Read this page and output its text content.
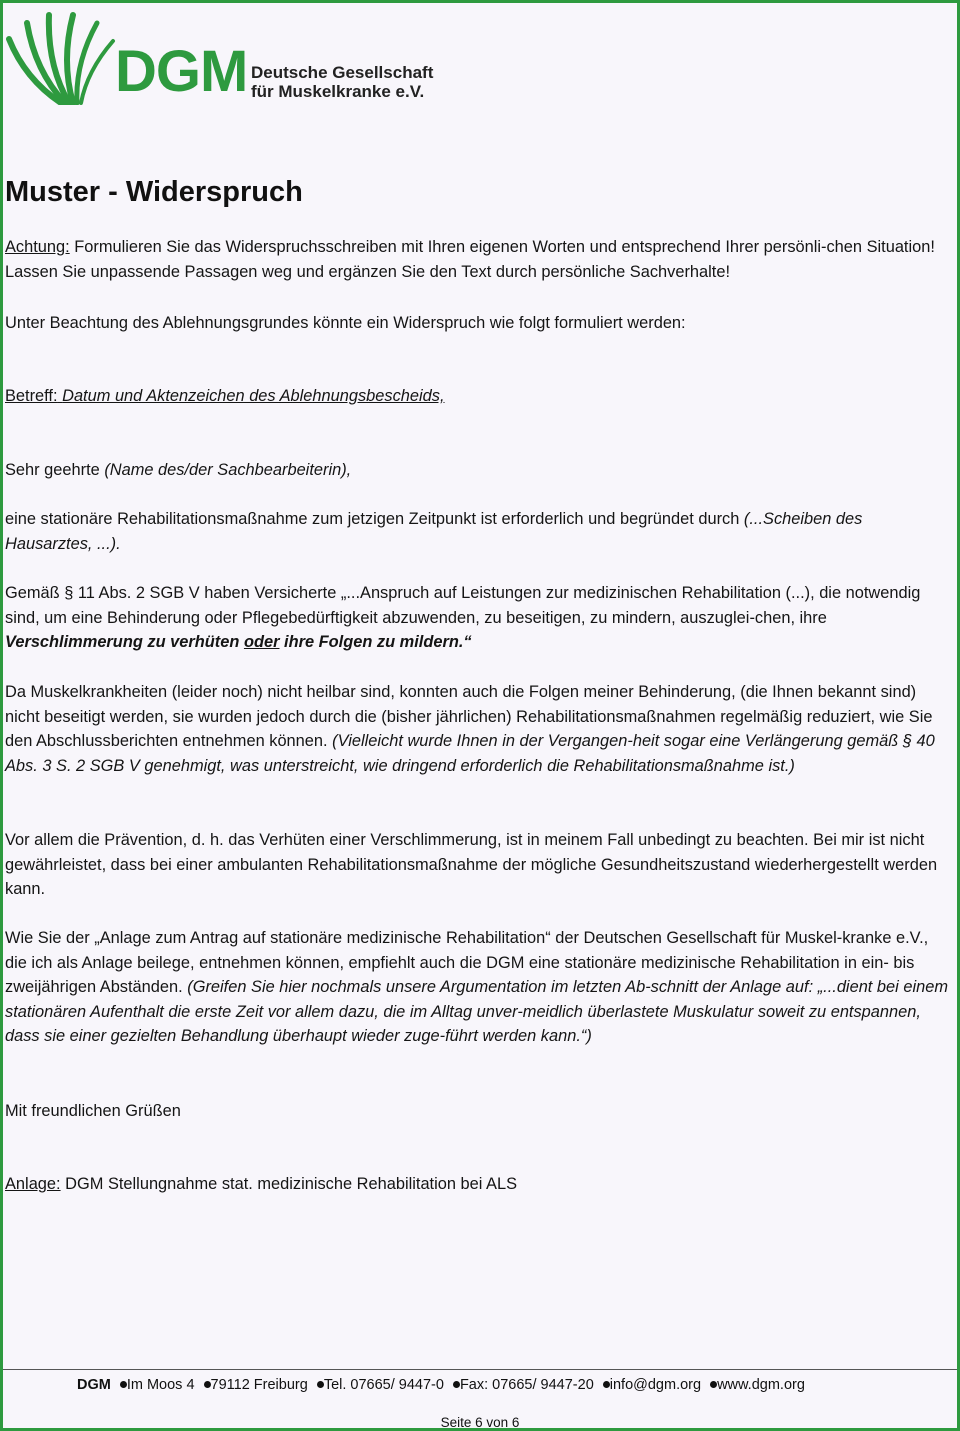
DGM Deutsche Gesellschaft
für Muskelkranke e.V.
Muster - Widerspruch
Achtung: Formulieren Sie das Widerspruchsschreiben mit Ihren eigenen Worten und entsprechend Ihrer persönli-chen Situation! Lassen Sie unpassende Passagen weg und ergänzen Sie den Text durch persönliche Sachverhalte!
Unter Beachtung des Ablehnungsgrundes könnte ein Widerspruch wie folgt formuliert werden:
Betreff: Datum und Aktenzeichen des Ablehnungsbescheids,
Sehr geehrte (Name des/der Sachbearbeiterin),
eine stationäre Rehabilitationsmaßnahme zum jetzigen Zeitpunkt ist erforderlich und begründet durch (...Scheiben des Hausarztes, ...).
Gemäß § 11 Abs. 2 SGB V haben Versicherte „...Anspruch auf Leistungen zur medizinischen Rehabilitation (...), die notwendig sind, um eine Behinderung oder Pflegebedürftigkeit abzuwenden, zu beseitigen, zu mindern, auszuglei-chen, ihre Verschlimmerung zu verhüten oder ihre Folgen zu mildern.“
Da Muskelkrankheiten (leider noch) nicht heilbar sind, konnten auch die Folgen meiner Behinderung, (die Ihnen bekannt sind) nicht beseitigt werden, sie wurden jedoch durch die (bisher jährlichen) Rehabilitationsmaßnahmen regelmäßig reduziert, wie Sie den Abschlussberichten entnehmen können. (Vielleicht wurde Ihnen in der Vergangen-heit sogar eine Verlängerung gemäß § 40 Abs. 3 S. 2 SGB V genehmigt, was unterstreicht, wie dringend erforderlich die Rehabilitationsmaßnahme ist.)
Vor allem die Prävention, d. h. das Verhüten einer Verschlimmerung, ist in meinem Fall unbedingt zu beachten. Bei mir ist nicht gewährleistet, dass bei einer ambulanten Rehabilitationsmaßnahme der mögliche Gesundheitszustand wiederhergestellt werden kann.
Wie Sie der „Anlage zum Antrag auf stationäre medizinische Rehabilitation“ der Deutschen Gesellschaft für Muskel-kranke e.V., die ich als Anlage beilege, entnehmen können, empfiehlt auch die DGM eine stationäre medizinische Rehabilitation in ein- bis zweijährigen Abständen. (Greifen Sie hier nochmals unsere Argumentation im letzten Ab-schnitt der Anlage auf: „...dient bei einem stationären Aufenthalt die erste Zeit vor allem dazu, die im Alltag unver-meidlich überlastete Muskulatur soweit zu entspannen, dass sie einer gezielten Behandlung überhaupt wieder zuge-führt werden kann.“)
Mit freundlichen Grüßen
Anlage: DGM Stellungnahme stat. medizinische Rehabilitation bei ALS
DGM Im Moos 4 79112 Freiburg Tel. 07665/ 9447-0 Fax: 07665/ 9447-20 info@dgm.org www.dgm.org
Seite 6 von 6
